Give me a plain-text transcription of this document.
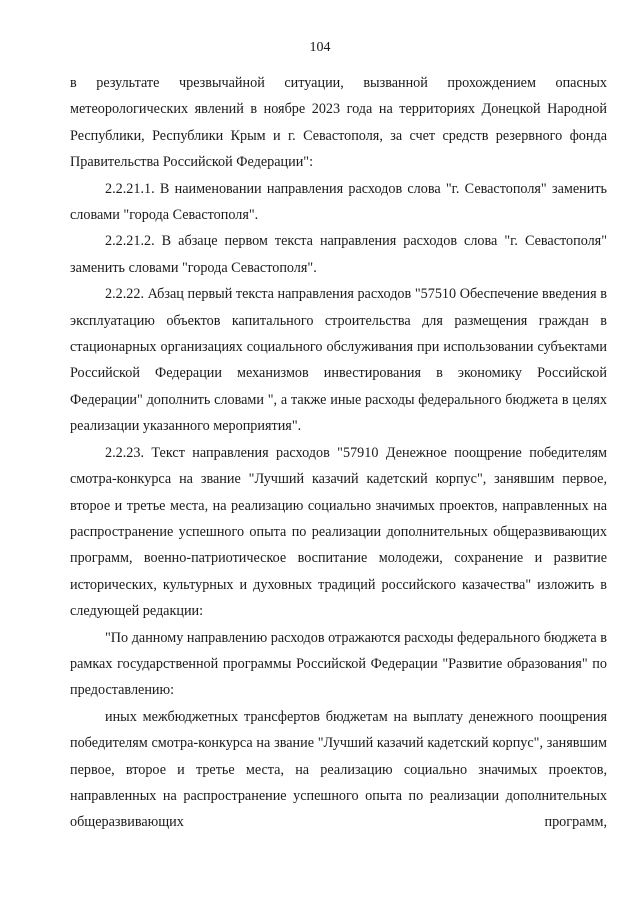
104

в результате чрезвычайной ситуации, вызванной прохождением опасных метеорологических явлений в ноябре 2023 года на территориях Донецкой Народной Республики, Республики Крым и г. Севастополя, за счет средств резервного фонда Правительства Российской Федерации":

2.2.21.1. В наименовании направления расходов слова "г. Севастополя" заменить словами "города Севастополя".

2.2.21.2. В абзаце первом текста направления расходов слова "г. Севастополя" заменить словами "города Севастополя".

2.2.22. Абзац первый текста направления расходов "57510 Обеспечение введения в эксплуатацию объектов капитального строительства для размещения граждан в стационарных организациях социального обслуживания при использовании субъектами Российской Федерации механизмов инвестирования в экономику Российской Федерации" дополнить словами ", а также иные расходы федерального бюджета в целях реализации указанного мероприятия".

2.2.23. Текст направления расходов "57910 Денежное поощрение победителям смотра-конкурса на звание "Лучший казачий кадетский корпус", занявшим первое, второе и третье места, на реализацию социально значимых проектов, направленных на распространение успешного опыта по реализации дополнительных общеразвивающих программ, военно-патриотическое воспитание молодежи, сохранение и развитие исторических, культурных и духовных традиций российского казачества" изложить в следующей редакции:

"По данному направлению расходов отражаются расходы федерального бюджета в рамках государственной программы Российской Федерации "Развитие образования" по предоставлению:

иных межбюджетных трансфертов бюджетам на выплату денежного поощрения победителям смотра-конкурса на звание "Лучший казачий кадетский корпус", занявшим первое, второе и третье места, на реализацию социально значимых проектов, направленных на распространение успешного опыта по реализации дополнительных общеразвивающих программ,
